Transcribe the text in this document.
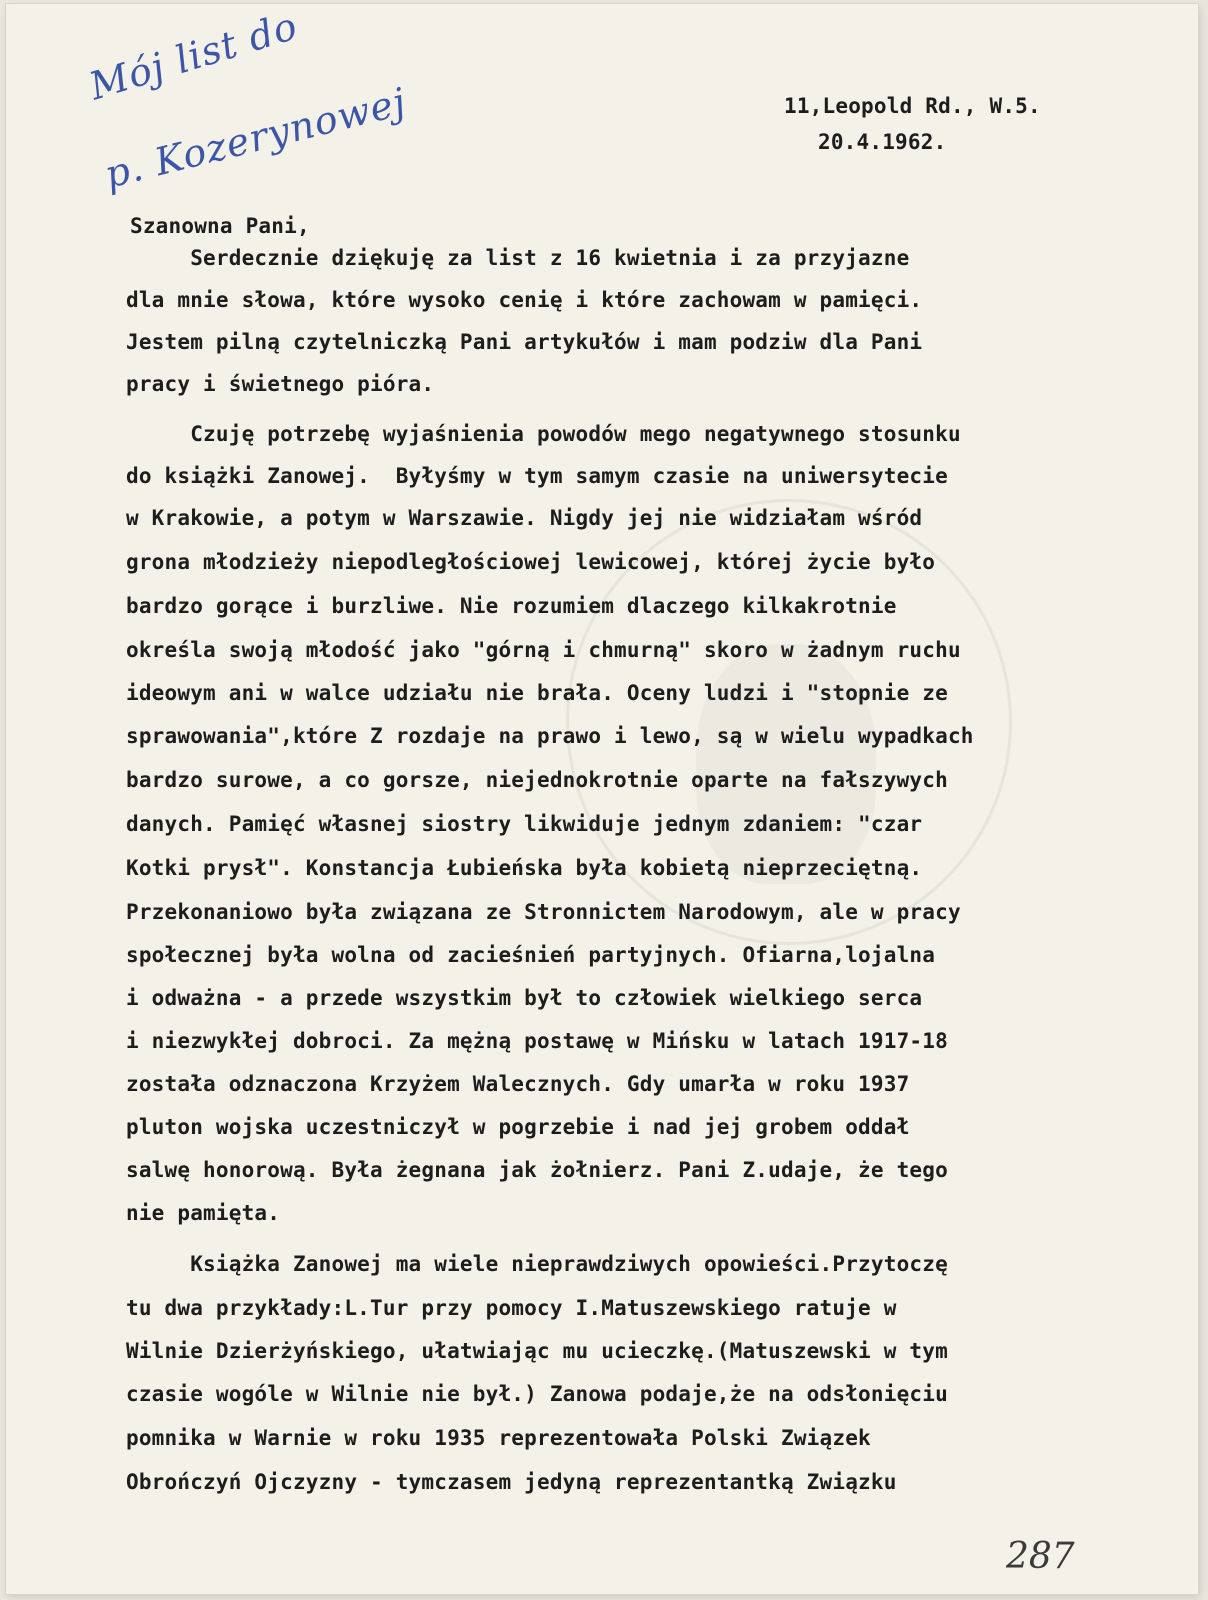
Mój list do
p. Kozerynowej	11,Leopold Rd., W.5.
20.4.1962.
Szanowna Pani,
Serdecznie dziękuję za list z 16 kwietnia i za przyjazne
dla mnie słowa, które wysoko cenię i które zachowam w pamięci.
Jestem pilną czytelniczką Pani artykułów i mam podziw dla Pani
pracy i świetnego pióra.
Czuję potrzebę wyjaśnienia powodów mego negatywnego stosunku
do książki Zanowej.  Byłyśmy w tym samym czasie na uniwersytecie
w Krakowie, a potym w Warszawie. Nigdy jej nie widziałam wśród
grona młodzieży niepodległościowej lewicowej, której życie było
bardzo gorące i burzliwe. Nie rozumiem dlaczego kilkakrotnie
określa swoją młodość jako "górną i chmurną" skoro w żadnym ruchu
ideowym ani w walce udziału nie brała. Oceny ludzi i "stopnie ze
sprawowania",które Z rozdaje na prawo i lewo, są w wielu wypadkach
bardzo surowe, a co gorsze, niejednokrotnie oparte na fałszywych
danych. Pamięć własnej siostry likwiduje jednym zdaniem: "czar
Kotki prysł". Konstancja Łubieńska była kobietą nieprzeciętną.
Przekonaniowo była związana ze Stronnictem Narodowym, ale w pracy
społecznej była wolna od zacieśnień partyjnych. Ofiarna,lojalna
i odważna - a przede wszystkim był to człowiek wielkiego serca
i niezwykłej dobroci. Za mężną postawę w Mińsku w latach 1917-18
została odznaczona Krzyżem Walecznych. Gdy umarła w roku 1937
pluton wojska uczestniczył w pogrzebie i nad jej grobem oddał
salwę honorową. Była żegnana jak żołnierz. Pani Z.udaje, że tego
nie pamięta.
Książka Zanowej ma wiele nieprawdziwych opowieści.Przytoczę
tu dwa przykłady:L.Tur przy pomocy I.Matuszewskiego ratuje w
Wilnie Dzierżyńskiego, ułatwiając mu ucieczkę.(Matuszewski w tym
czasie wogóle w Wilnie nie był.) Zanowa podaje,że na odsłonięciu
pomnika w Warnie w roku 1935 reprezentowała Polski Związek
Obrończyń Ojczyzny - tymczasem jedyną reprezentantką Związku
287
